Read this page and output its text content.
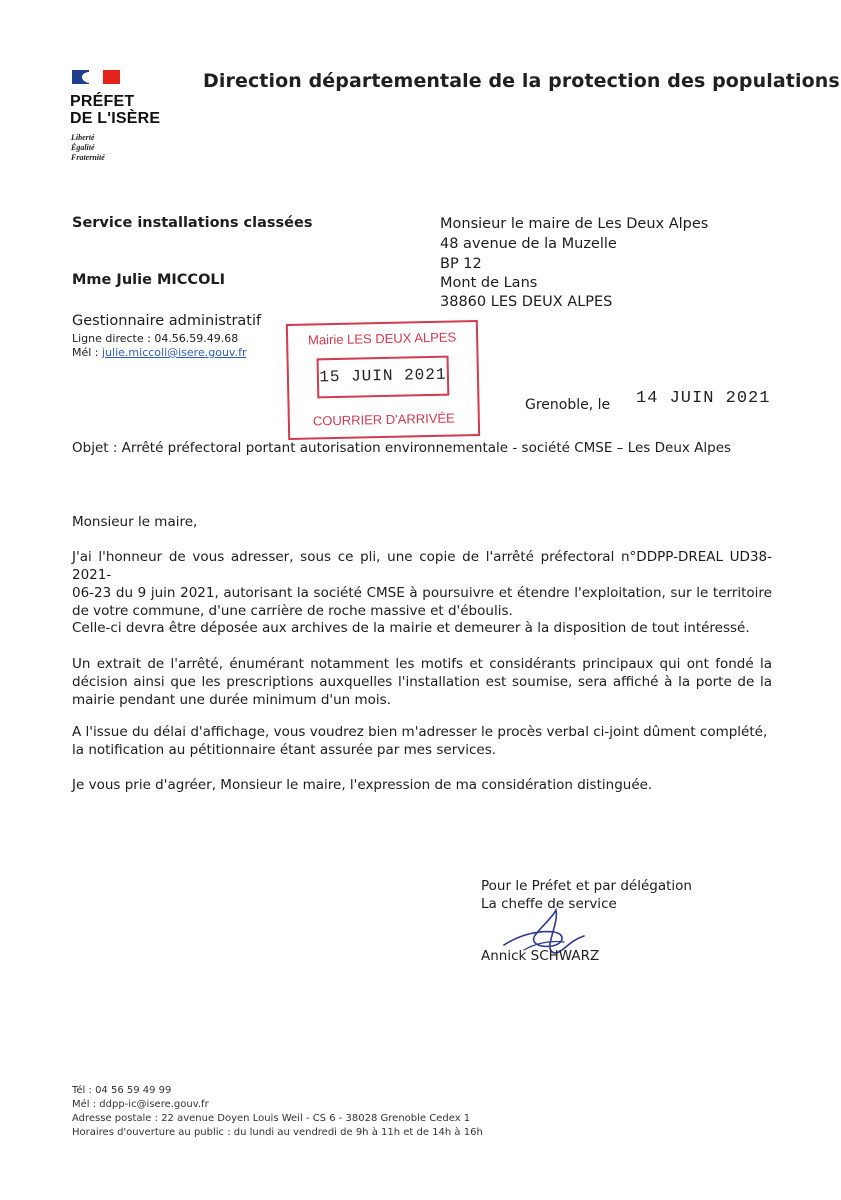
PRÉFET
DE L'ISÈRE
Liberté
Égalité
Fraternité
Direction départementale de la protection des populations
Service installations classées
Mme Julie MICCOLI
Gestionnaire administratif
Ligne directe : 04.56.59.49.68
Mél : julie.miccoli@isere.gouv.fr
Monsieur le maire de Les Deux Alpes
48 avenue de la Muzelle
BP 12
Mont de Lans
38860 LES DEUX ALPES
Mairie LES DEUX ALPES
15 JUIN 2021
COURRIER D'ARRIVÉE
Grenoble, le 14 JUIN 2021
Objet : Arrêté préfectoral portant autorisation environnementale - société CMSE – Les Deux Alpes
Monsieur le maire,
J'ai l'honneur de vous adresser, sous ce pli, une copie de l'arrêté préfectoral n°DDPP-DREAL UD38-2021-
06-23 du 9 juin 2021, autorisant la société CMSE à poursuivre et étendre l'exploitation, sur le territoire
de votre commune, d'une carrière de roche massive et d'éboulis.
Celle-ci devra être déposée aux archives de la mairie et demeurer à la disposition de tout intéressé.
Un extrait de l'arrêté, énumérant notamment les motifs et considérants principaux qui ont fondé la
décision ainsi que les prescriptions auxquelles l'installation est soumise, sera affiché à la porte de la
mairie pendant une durée minimum d'un mois.
A l'issue du délai d'affichage, vous voudrez bien m'adresser le procès verbal ci-joint dûment complété,
la notification au pétitionnaire étant assurée par mes services.
Je vous prie d'agréer, Monsieur le maire, l'expression de ma considération distinguée.
Pour le Préfet et par délégation
La cheffe de service
Annick SCHWARZ
Tél : 04 56 59 49 99
Mél : ddpp-ic@isere.gouv.fr
Adresse postale : 22 avenue Doyen Louis Weil - CS 6 - 38028 Grenoble Cedex 1
Horaires d'ouverture au public : du lundi au vendredi de 9h à 11h et de 14h à 16h
